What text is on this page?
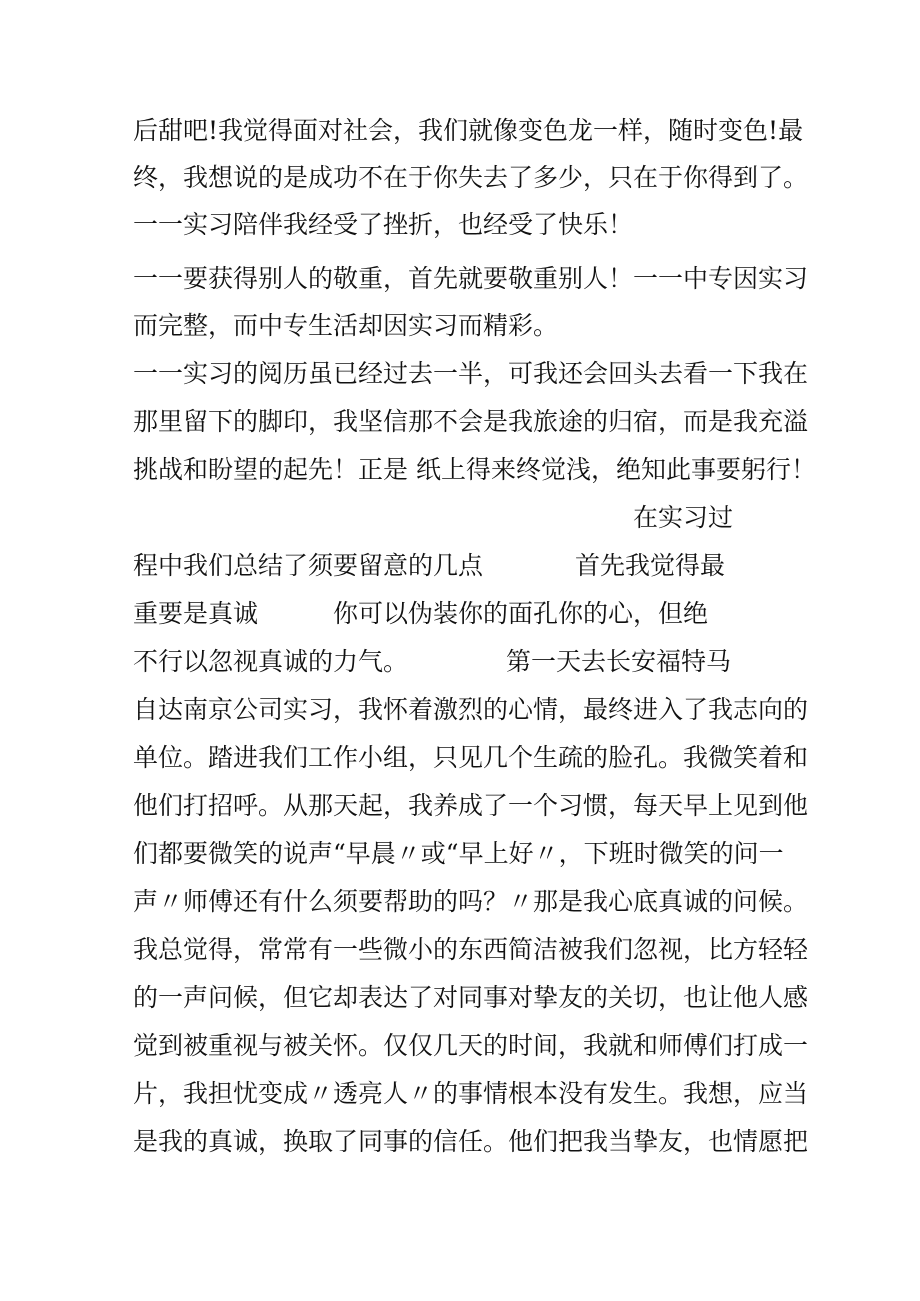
后甜吧!我觉得面对社会，我们就像变色龙一样，随时变色!最
终，我想说的是成功不在于你失去了多少，只在于你得到了。
一一实习陪伴我经受了挫折，也经受了快乐！
一一要获得别人的敬重，首先就要敬重别人！一一中专因实习
而完整，而中专生活却因实习而精彩。
一一实习的阅历虽已经过去一半，可我还会回头去看一下我在
那里留下的脚印，我坚信那不会是我旅途的归宿，而是我充溢
挑战和盼望的起先！正是 纸上得来终觉浅，绝知此事要躬行！
在实习过
程中我们总结了须要留意的几点	首先我觉得最
重要是真诚	你可以伪装你的面孔你的心，但绝
不行以忽视真诚的力气。	第一天去长安福特马
自达南京公司实习，我怀着激烈的心情，最终进入了我志向的
单位。踏进我们工作小组，只见几个生疏的脸孔。我微笑着和
他们打招呼。从那天起，我养成了一个习惯，每天早上见到他
们都要微笑的说声“早晨〃或“早上好〃，下班时微笑的问一
声〃师傅还有什么须要帮助的吗？〃那是我心底真诚的问候。
我总觉得，常常有一些微小的东西简洁被我们忽视，比方轻轻
的一声问候，但它却表达了对同事对挚友的关切，也让他人感
觉到被重视与被关怀。仅仅几天的时间，我就和师傅们打成一
片，我担忧变成〃透亮人〃的事情根本没有发生。我想，应当
是我的真诚，换取了同事的信任。他们把我当挚友，也情愿把
